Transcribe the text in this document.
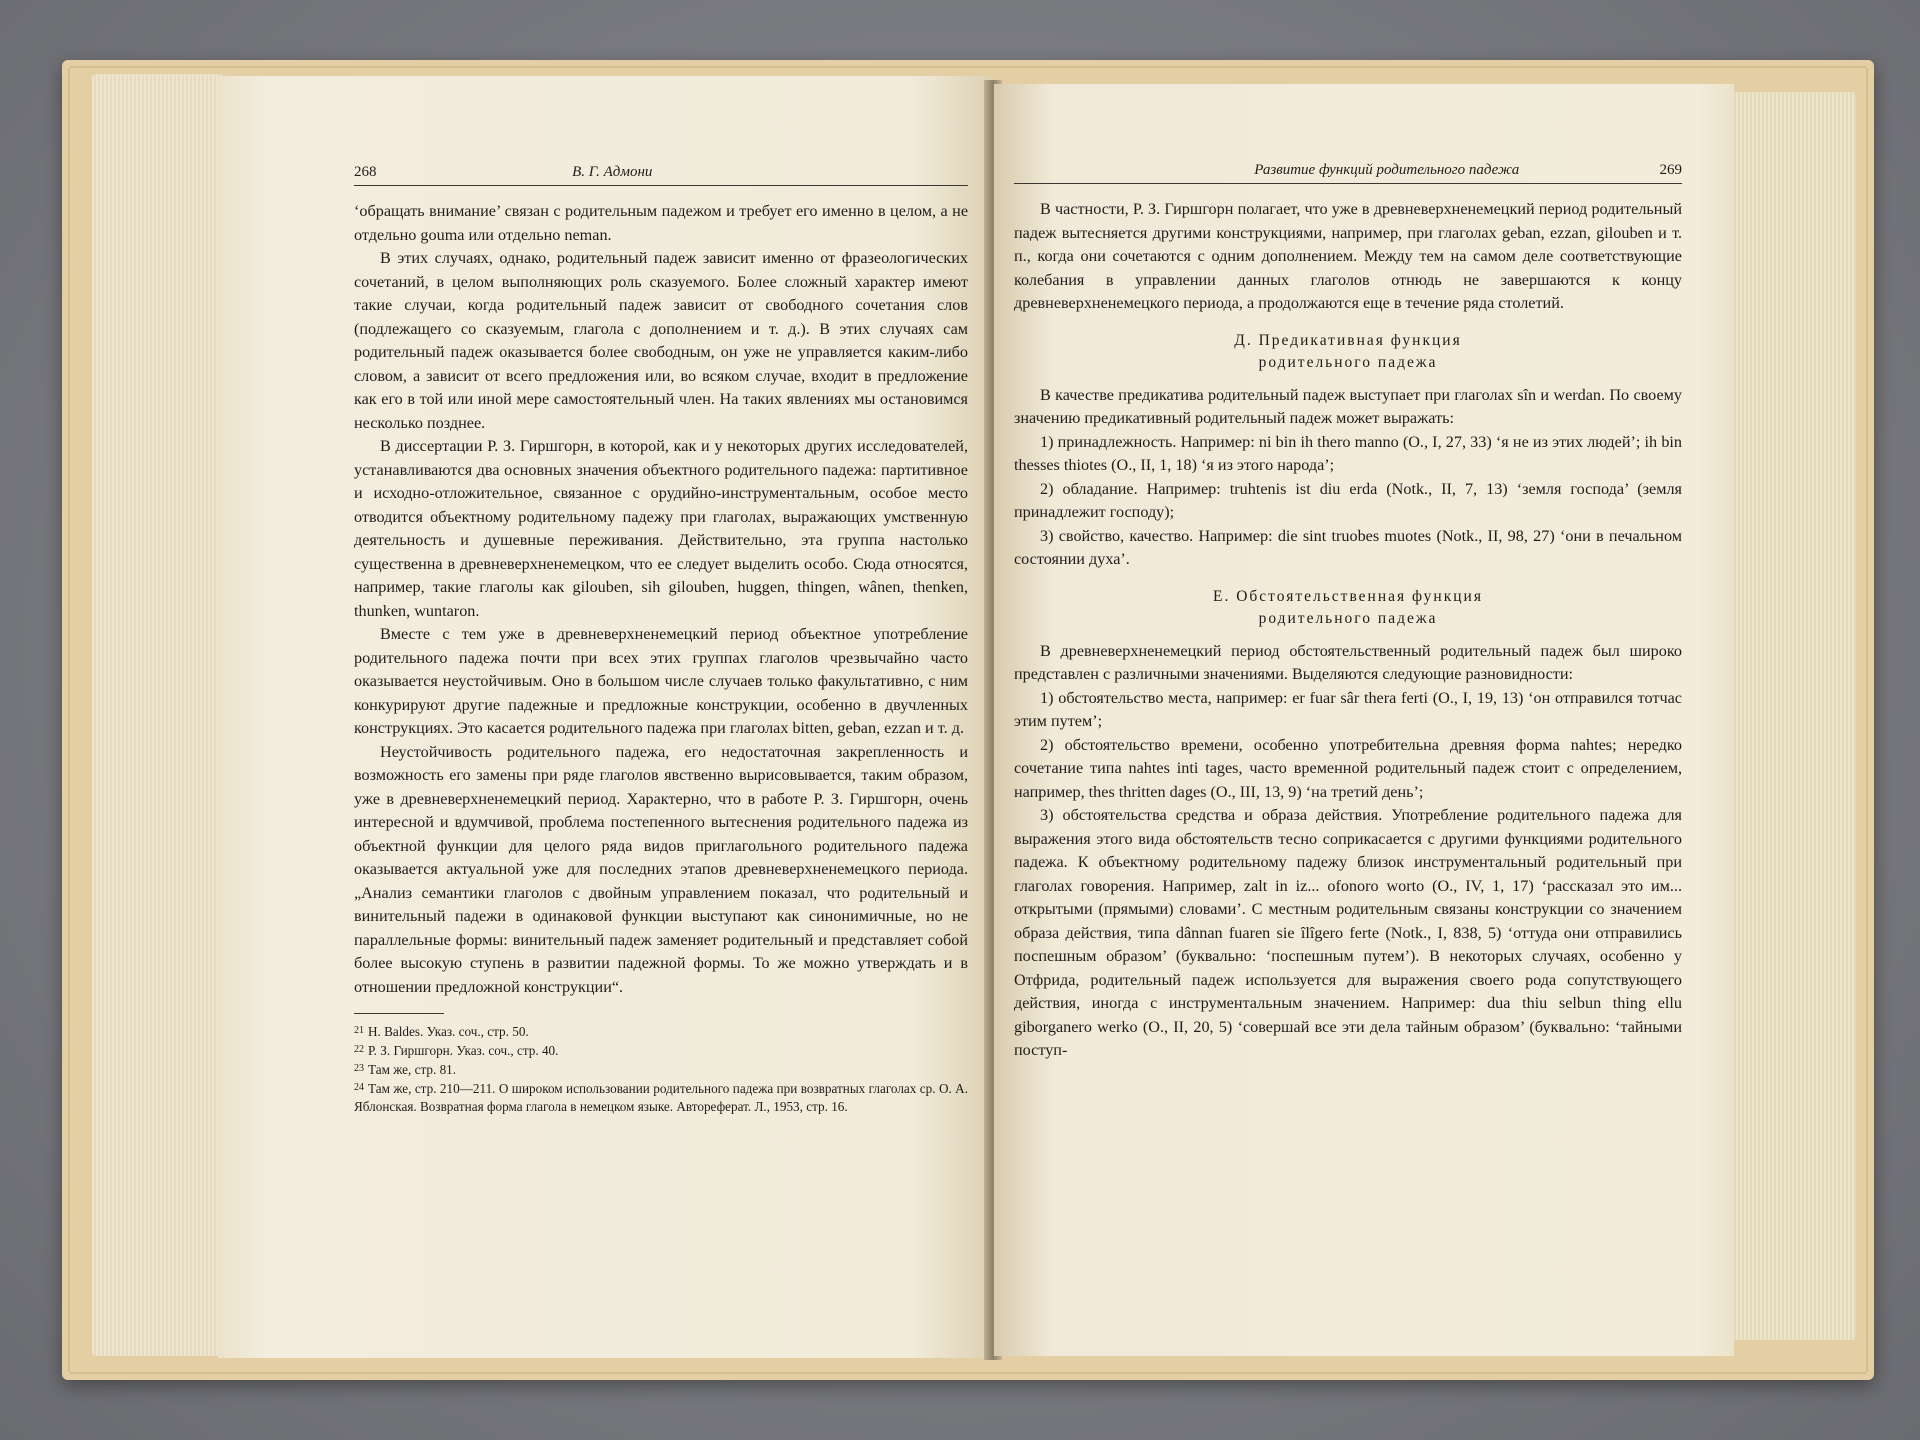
268	В. Г. Адмони

‘обращать внимание’ связан с родительным падежом и требует его именно в целом, а не отдельно gouma или отдельно neman.

В этих случаях, однако, родительный падеж зависит именно от фразеологических сочетаний, в целом выполняющих роль сказуемого. Более сложный характер имеют такие случаи, когда родительный падеж зависит от свободного сочетания слов (подлежащего со сказуемым, глагола с дополнением и т. д.). В этих случаях сам родительный падеж оказывается более свободным, он уже не управляется каким-либо словом, а зависит от всего предложения или, во всяком случае, входит в предложение как его в той или иной мере самостоятельный член. На таких явлениях мы остановимся несколько позднее.

В диссертации Р. З. Гиршгорн, в которой, как и у некоторых других исследователей, устанавливаются два основных значения объектного родительного падежа: партитивное и исходно-отложительное, связанное с орудийно-инструментальным, особое место отводится объектному родительному падежу при глаголах, выражающих умственную деятельность и душевные переживания. Действительно, эта группа настолько существенна в древневерхненемецком, что ее следует выделить особо. Сюда относятся, например, такие глаголы как gilouben, sih gilouben, huggen, thingen, wânen, thenken, thunken, wuntaron.

Вместе с тем уже в древневерхненемецкий период объектное употребление родительного падежа почти при всех этих группах глаголов чрезвычайно часто оказывается неустойчивым. Оно в большом числе случаев только факультативно, с ним конкурируют другие падежные и предложные конструкции, особенно в двучленных конструкциях. Это касается родительного падежа при глаголах bitten, geban, ezzan и т. д.

Неустойчивость родительного падежа, его недостаточная закрепленность и возможность его замены при ряде глаголов явственно вырисовывается, таким образом, уже в древневерхненемецкий период. Характерно, что в работе Р. З. Гиршгорн, очень интересной и вдумчивой, проблема постепенного вытеснения родительного падежа из объектной функции для целого ряда видов приглагольного родительного падежа оказывается актуальной уже для последних этапов древневерхненемецкого периода. „Анализ семантики глаголов с двойным управлением показал, что родительный и винительный падежи в одинаковой функции выступают как синонимичные, но не параллельные формы: винительный падеж заменяет родительный и представляет собой более высокую ступень в развитии падежной формы. То же можно утверждать и в отношении предложной конструкции“.

$^{21}$ H. Baldes. Указ. соч., стр. 50.

$^{22}$ Р. З. Гиршгорн. Указ. соч., стр. 40.

$^{23}$ Там же, стр. 81.

$^{24}$ Там же, стр. 210—211. О широком использовании родительного падежа при возвратных глаголах ср. О. А. Яблонская. Возвратная форма глагола в немецком языке. Автореферат. Л., 1953, стр. 16.

Развитие функций родительного падежа	269

В частности, Р. З. Гиршгорн полагает, что уже в древневерхненемецкий период родительный падеж вытесняется другими конструкциями, например, при глаголах geban, ezzan, gilouben и т. п., когда они сочетаются с одним дополнением. Между тем на самом деле соответствующие колебания в управлении данных глаголов отнюдь не завершаются к концу древневерхненемецкого периода, а продолжаются еще в течение ряда столетий.

Д. Предикативная функция
родительного падежа

В качестве предикатива родительный падеж выступает при глаголах sîn и werdan. По своему значению предикативный родительный падеж может выражать:

1) принадлежность. Например: ni bin ih thero manno (O., I, 27, 33) ‘я не из этих людей’; ih bin thesses thiotes (O., II, 1, 18) ‘я из этого народа’;

2) обладание. Например: truhtenis ist diu erda (Notk., II, 7, 13) ‘земля господа’ (земля принадлежит господу);

3) свойство, качество. Например: die sint truobes muotes (Notk., II, 98, 27) ‘они в печальном состоянии духа’.

Е. Обстоятельственная функция
родительного падежа

В древневерхненемецкий период обстоятельственный родительный падеж был широко представлен с различными значениями. Выделяются следующие разновидности:

1) обстоятельство места, например: er fuar sâr thera ferti (O., I, 19, 13) ‘он отправился тотчас этим путем’;

2) обстоятельство времени, особенно употребительна древняя форма nahtes; нередко сочетание типа nahtes inti tages, часто временной родительный падеж стоит с определением, например, thes thritten dages (O., III, 13, 9) ‘на третий день’;

3) обстоятельства средства и образа действия. Употребление родительного падежа для выражения этого вида обстоятельств тесно соприкасается с другими функциями родительного падежа. К объектному родительному падежу близок инструментальный родительный при глаголах говорения. Например, zalt in iz... ofonoro worto (O., IV, 1, 17) ‘рассказал это им... открытыми (прямыми) словами’. С местным родительным связаны конструкции со значением образа действия, типа dânnan fuaren sie îlîgero ferte (Notk., I, 838, 5) ‘оттуда они отправились поспешным образом’ (буквально: ‘поспешным путем’). В некоторых случаях, особенно у Отфрида, родительный падеж используется для выражения своего рода сопутствующего действия, иногда с инструментальным значением. Например: dua thiu selbun thing ellu giborganero werko (O., II, 20, 5) ‘совершай все эти дела тайным образом’ (буквально: ‘тайными поступ-
